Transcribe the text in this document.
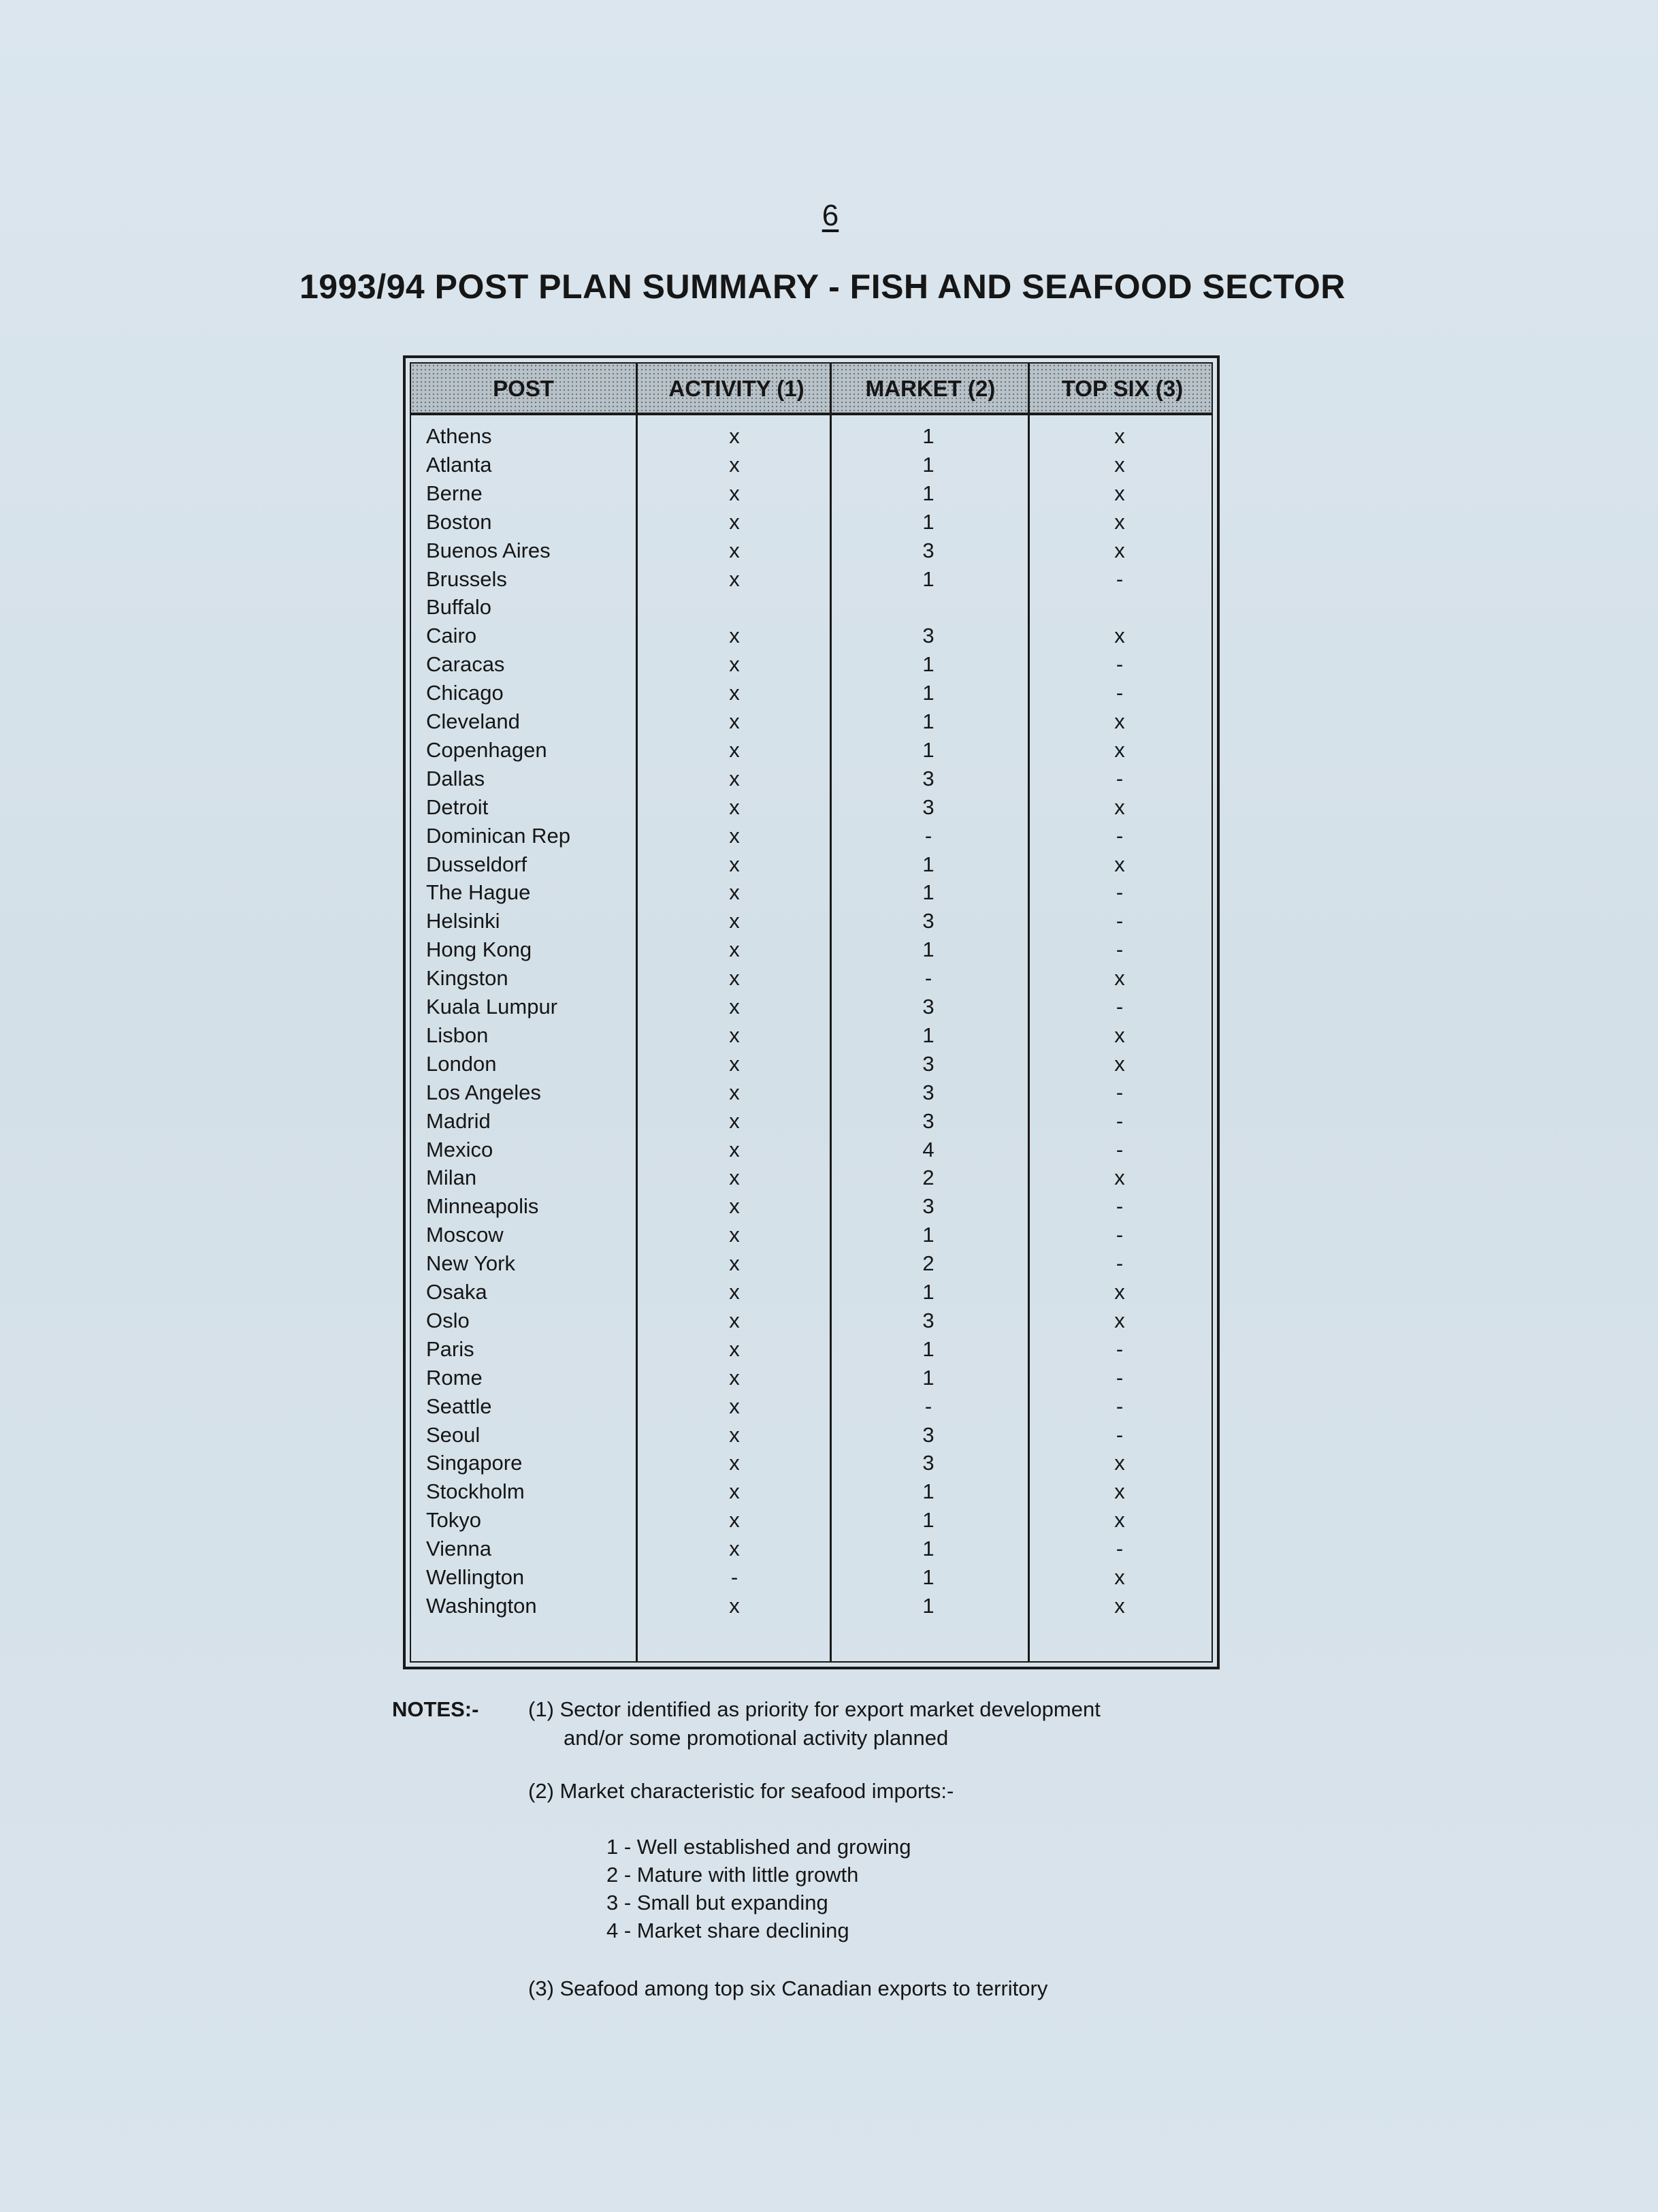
6
1993/94 POST PLAN SUMMARY - FISH AND SEAFOOD SECTOR
POST	ACTIVITY (1)	MARKET (2)	TOP SIX (3)
Athens	x	1	x
Atlanta	x	1	x
Berne	x	1	x
Boston	x	1	x
Buenos Aires	x	3	x
Brussels	x	1	-
Buffalo
Cairo	x	3	x
Caracas	x	1	-
Chicago	x	1	-
Cleveland	x	1	x
Copenhagen	x	1	x
Dallas	x	3	-
Detroit	x	3	x
Dominican Rep	x	-	-
Dusseldorf	x	1	x
The Hague	x	1	-
Helsinki	x	3	-
Hong Kong	x	1	-
Kingston	x	-	x
Kuala Lumpur	x	3	-
Lisbon	x	1	x
London	x	3	x
Los Angeles	x	3	-
Madrid	x	3	-
Mexico	x	4	-
Milan	x	2	x
Minneapolis	x	3	-
Moscow	x	1	-
New York	x	2	-
Osaka	x	1	x
Oslo	x	3	x
Paris	x	1	-
Rome	x	1	-
Seattle	x	-	-
Seoul	x	3	-
Singapore	x	3	x
Stockholm	x	1	x
Tokyo	x	1	x
Vienna	x	1	-
Wellington	-	1	x
Washington	x	1	x
NOTES:- (1) Sector identified as priority for export market development
and/or some promotional activity planned
(2) Market characteristic for seafood imports:-
1 - Well established and growing
2 - Mature with little growth
3 - Small but expanding
4 - Market share declining
(3) Seafood among top six Canadian exports to territory
